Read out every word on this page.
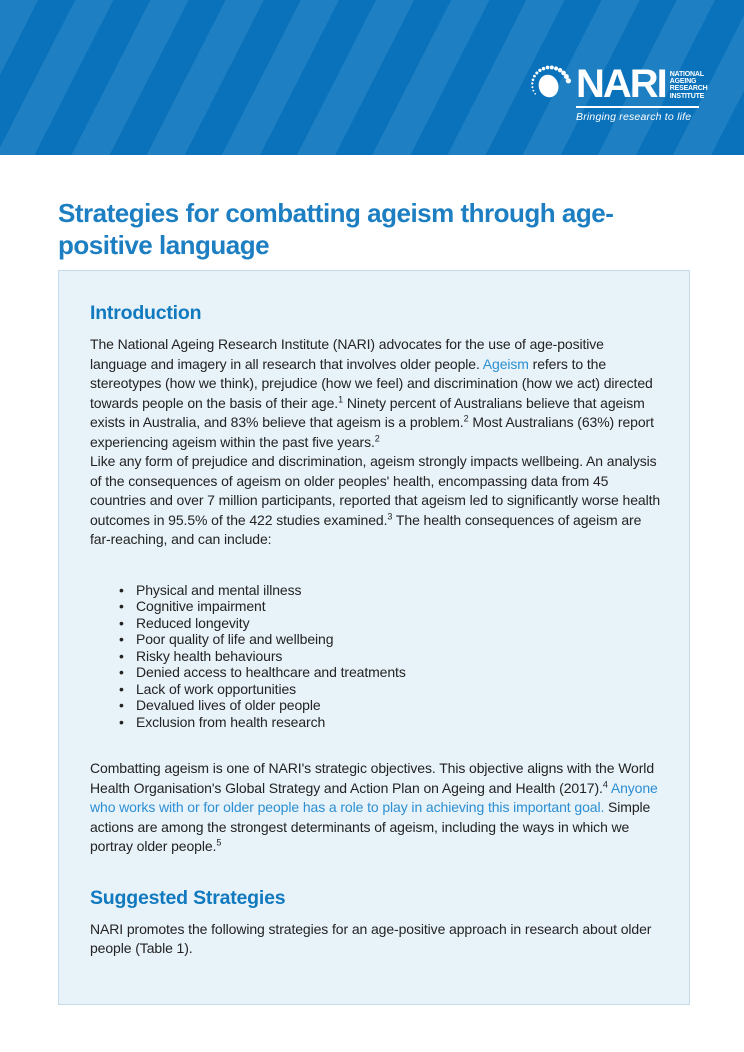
NARI NATIONAL
AGEING
RESEARCH
INSTITUTE
Bringing research to life
Strategies for combatting ageism through age-positive language
Introduction

The National Ageing Research Institute (NARI) advocates for the use of age-positive language and imagery in all research that involves older people. Ageism refers to the stereotypes (how we think), prejudice (how we feel) and discrimination (how we act) directed towards people on the basis of their age.$^1$ Ninety percent of Australians believe that ageism exists in Australia, and 83% believe that ageism is a problem.$^2$ Most Australians (63%) report experiencing ageism within the past five years.$^2$

Like any form of prejudice and discrimination, ageism strongly impacts wellbeing. An analysis of the consequences of ageism on older peoples' health, encompassing data from 45 countries and over 7 million participants, reported that ageism led to significantly worse health outcomes in 95.5% of the 422 studies examined.$^3$ The health consequences of ageism are far-reaching, and can include:

• Physical and mental illness
• Cognitive impairment
• Reduced longevity
• Poor quality of life and wellbeing
• Risky health behaviours
• Denied access to healthcare and treatments
• Lack of work opportunities
• Devalued lives of older people
• Exclusion from health research

Combatting ageism is one of NARI's strategic objectives. This objective aligns with the World Health Organisation's Global Strategy and Action Plan on Ageing and Health (2017).$^4$ Anyone who works with or for older people has a role to play in achieving this important goal. Simple actions are among the strongest determinants of ageism, including the ways in which we portray older people.$^5$

Suggested Strategies

NARI promotes the following strategies for an age-positive approach in research about older people (Table 1).
